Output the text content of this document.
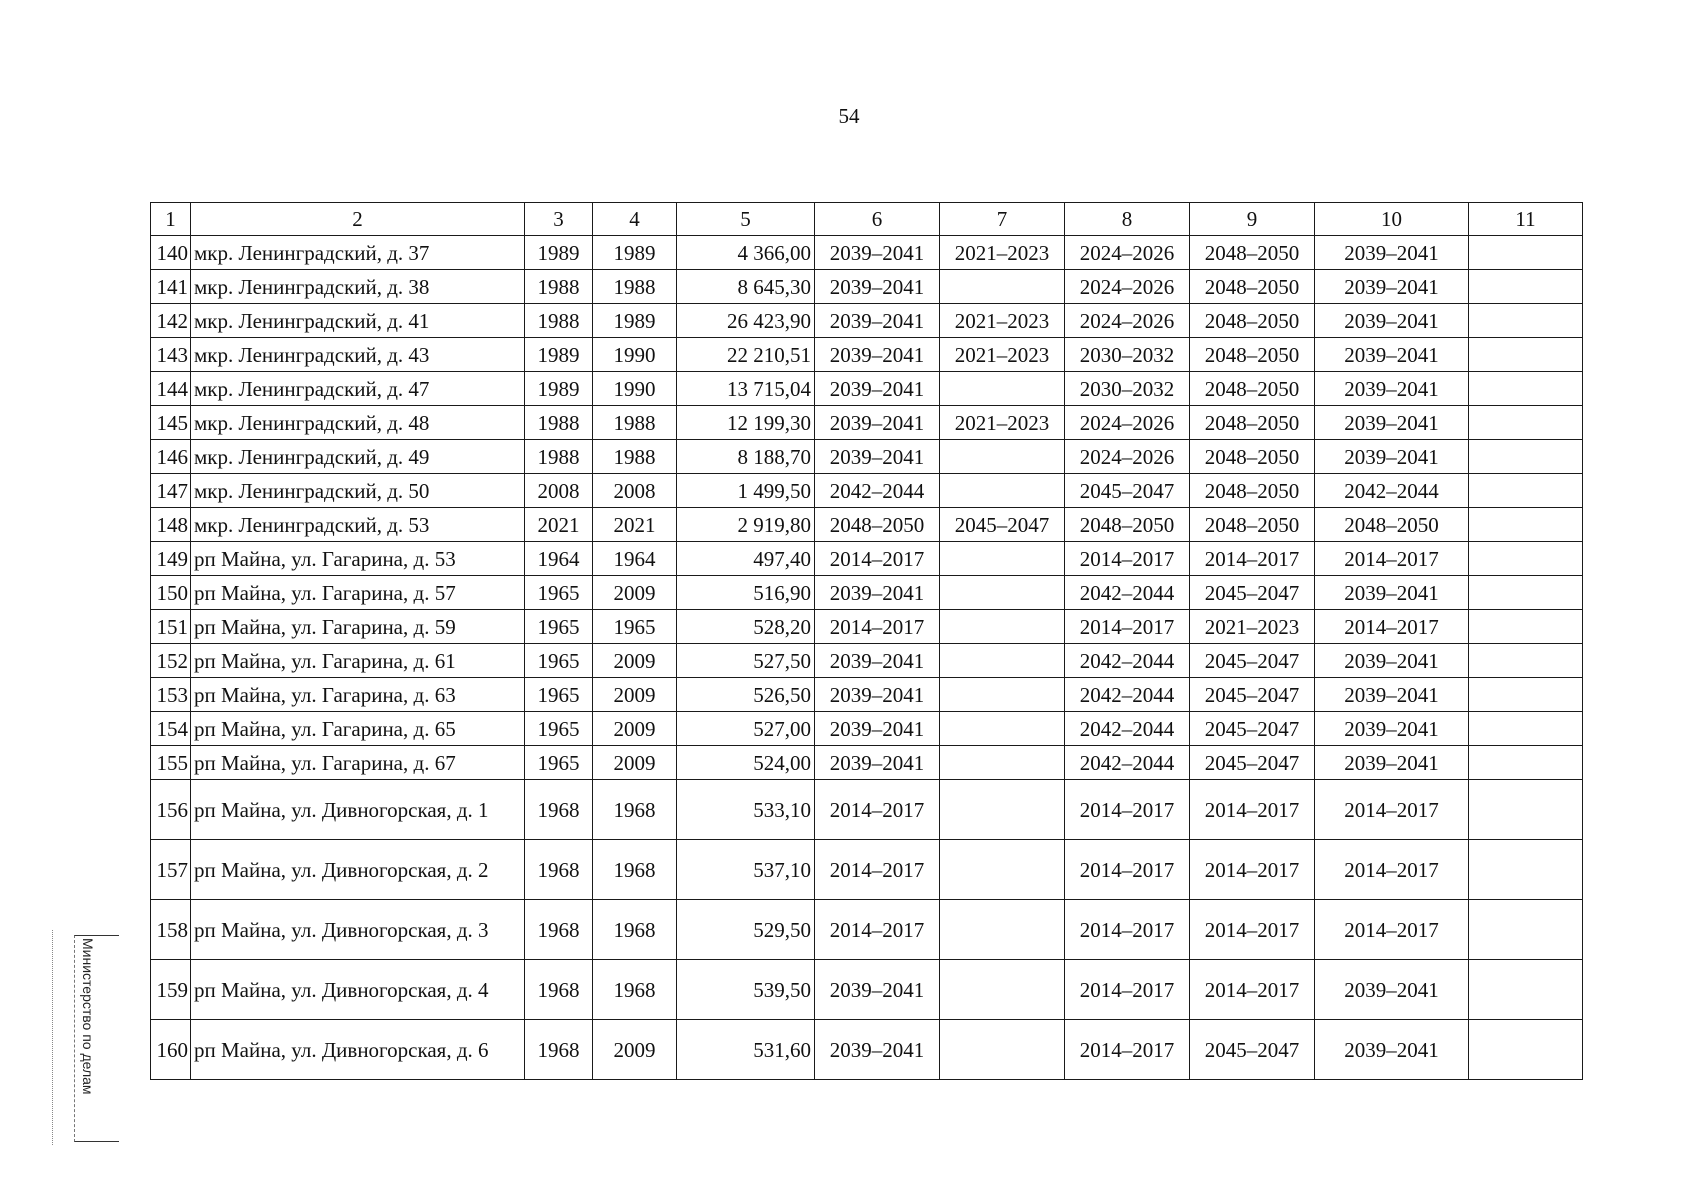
54
1	2	3	4	5	6	7	8	9	10	11
140	мкр. Ленинградский, д. 37	1989	1989	4 366,00	2039–2041	2021–2023	2024–2026	2048–2050	2039–2041	
141	мкр. Ленинградский, д. 38	1988	1988	8 645,30	2039–2041		2024–2026	2048–2050	2039–2041	
142	мкр. Ленинградский, д. 41	1988	1989	26 423,90	2039–2041	2021–2023	2024–2026	2048–2050	2039–2041	
143	мкр. Ленинградский, д. 43	1989	1990	22 210,51	2039–2041	2021–2023	2030–2032	2048–2050	2039–2041	
144	мкр. Ленинградский, д. 47	1989	1990	13 715,04	2039–2041		2030–2032	2048–2050	2039–2041	
145	мкр. Ленинградский, д. 48	1988	1988	12 199,30	2039–2041	2021–2023	2024–2026	2048–2050	2039–2041	
146	мкр. Ленинградский, д. 49	1988	1988	8 188,70	2039–2041		2024–2026	2048–2050	2039–2041	
147	мкр. Ленинградский, д. 50	2008	2008	1 499,50	2042–2044		2045–2047	2048–2050	2042–2044	
148	мкр. Ленинградский, д. 53	2021	2021	2 919,80	2048–2050	2045–2047	2048–2050	2048–2050	2048–2050	
149	рп Майна, ул. Гагарина, д. 53	1964	1964	497,40	2014–2017		2014–2017	2014–2017	2014–2017	
150	рп Майна, ул. Гагарина, д. 57	1965	2009	516,90	2039–2041		2042–2044	2045–2047	2039–2041	
151	рп Майна, ул. Гагарина, д. 59	1965	1965	528,20	2014–2017		2014–2017	2021–2023	2014–2017	
152	рп Майна, ул. Гагарина, д. 61	1965	2009	527,50	2039–2041		2042–2044	2045–2047	2039–2041	
153	рп Майна, ул. Гагарина, д. 63	1965	2009	526,50	2039–2041		2042–2044	2045–2047	2039–2041	
154	рп Майна, ул. Гагарина, д. 65	1965	2009	527,00	2039–2041		2042–2044	2045–2047	2039–2041	
155	рп Майна, ул. Гагарина, д. 67	1965	2009	524,00	2039–2041		2042–2044	2045–2047	2039–2041	
156	рп Майна, ул. Дивногорская, д. 1	1968	1968	533,10	2014–2017		2014–2017	2014–2017	2014–2017	
157	рп Майна, ул. Дивногорская, д. 2	1968	1968	537,10	2014–2017		2014–2017	2014–2017	2014–2017	
158	рп Майна, ул. Дивногорская, д. 3	1968	1968	529,50	2014–2017		2014–2017	2014–2017	2014–2017	
159	рп Майна, ул. Дивногорская, д. 4	1968	1968	539,50	2039–2041		2014–2017	2014–2017	2039–2041	
160	рп Майна, ул. Дивногорская, д. 6	1968	2009	531,60	2039–2041		2014–2017	2045–2047	2039–2041	
Министерство по делам
